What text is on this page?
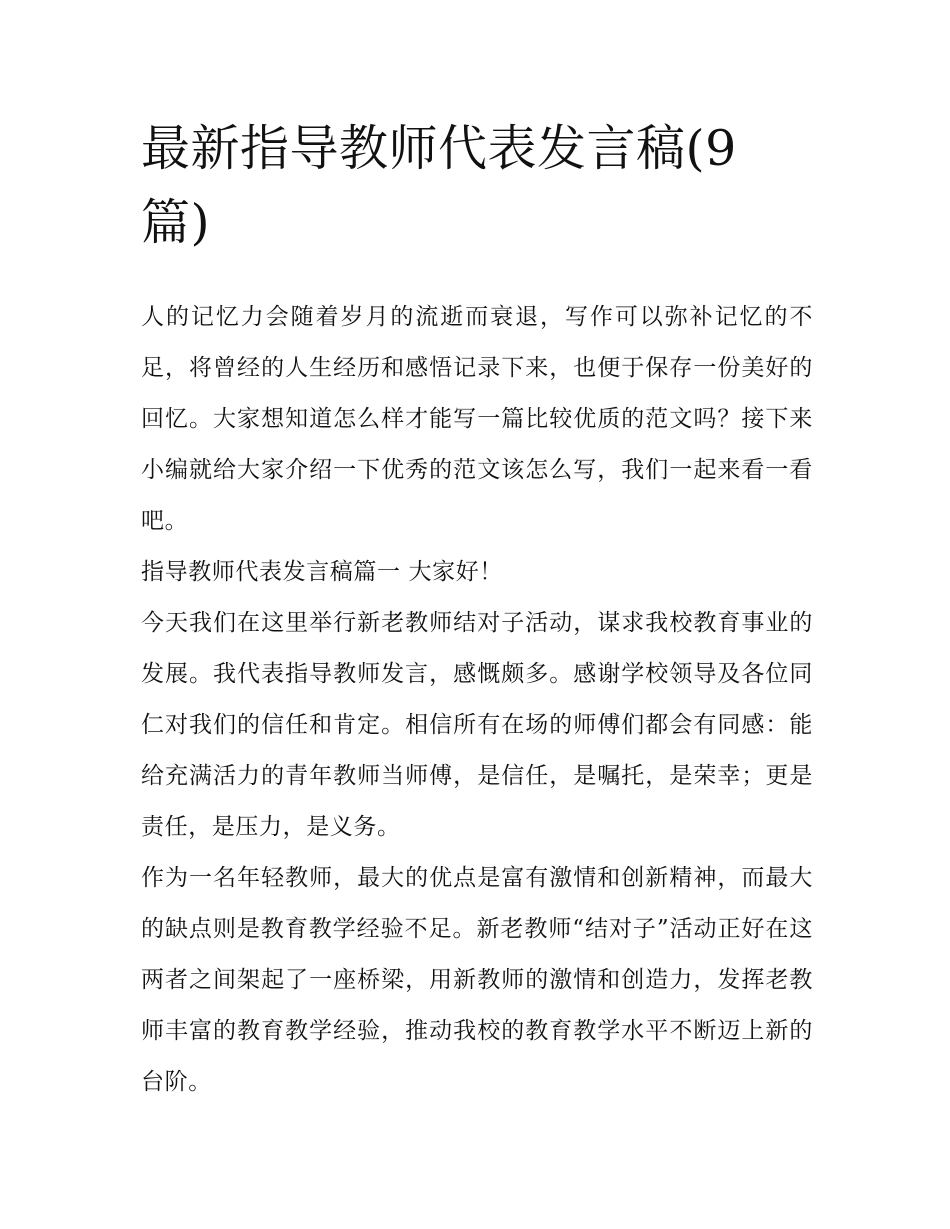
最新指导教师代表发言稿(9篇)

人的记忆力会随着岁月的流逝而衰退，写作可以弥补记忆的不足，将曾经的人生经历和感悟记录下来，也便于保存一份美好的回忆。大家想知道怎么样才能写一篇比较优质的范文吗？接下来小编就给大家介绍一下优秀的范文该怎么写，我们一起来看一看吧。

指导教师代表发言稿篇一 大家好！

今天我们在这里举行新老教师结对子活动，谋求我校教育事业的发展。我代表指导教师发言，感慨颇多。感谢学校领导及各位同仁对我们的信任和肯定。相信所有在场的师傅们都会有同感：能给充满活力的青年教师当师傅，是信任，是嘱托，是荣幸；更是责任，是压力，是义务。

作为一名年轻教师，最大的优点是富有激情和创新精神，而最大的缺点则是教育教学经验不足。新老教师“结对子”活动正好在这两者之间架起了一座桥梁，用新教师的激情和创造力，发挥老教师丰富的教育教学经验，推动我校的教育教学水平不断迈上新的台阶。
